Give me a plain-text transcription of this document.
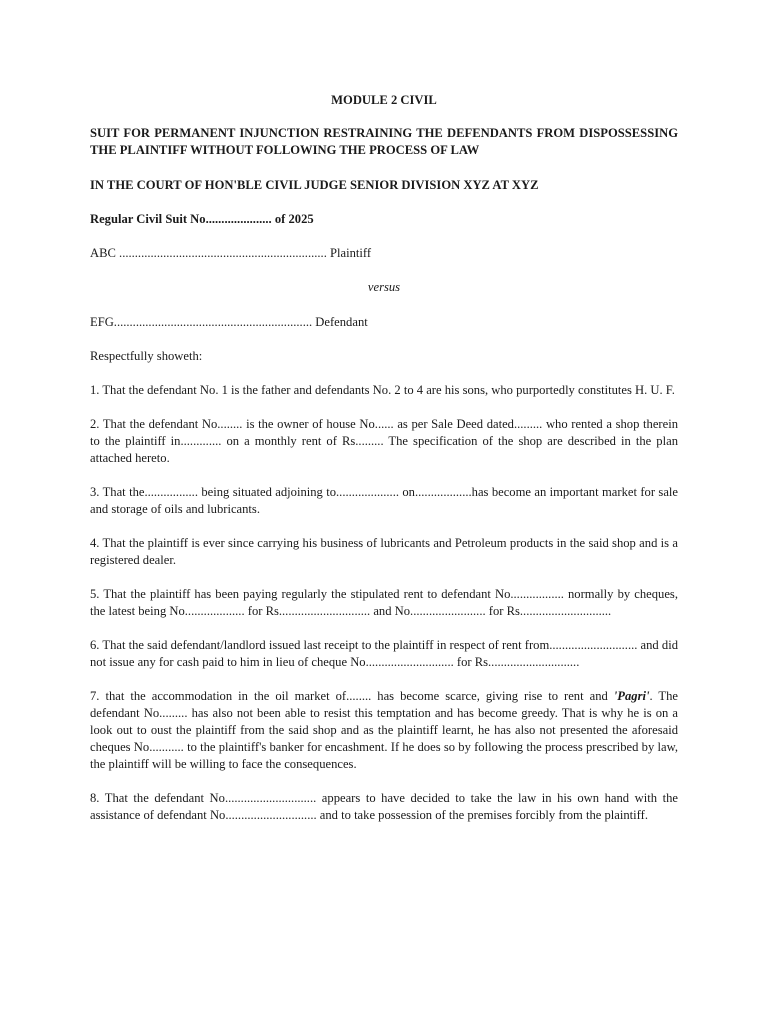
MODULE 2 CIVIL

SUIT FOR PERMANENT INJUNCTION RESTRAINING THE DEFENDANTS FROM DISPOSSESSING THE PLAINTIFF WITHOUT FOLLOWING THE PROCESS OF LAW

IN THE COURT OF HON'BLE CIVIL JUDGE SENIOR DIVISION XYZ AT XYZ

Regular Civil Suit No..................... of 2025

ABC .................................................................. Plaintiff

versus

EFG............................................................... Defendant

Respectfully showeth:

1. That the defendant No. 1 is the father and defendants No. 2 to 4 are his sons, who purportedly constitutes H. U. F.

2. That the defendant No........ is the owner of house No...... as per Sale Deed dated......... who rented a shop therein to the plaintiff in............. on a monthly rent of Rs......... The specification of the shop are described in the plan attached hereto.

3. That the................. being situated adjoining to.................... on..................has become an important market for sale and storage of oils and lubricants.

4. That the plaintiff is ever since carrying his business of lubricants and Petroleum products in the said shop and is a registered dealer.

5. That the plaintiff has been paying regularly the stipulated rent to defendant No................. normally by cheques, the latest being No................... for Rs............................. and No........................ for Rs.............................

6. That the said defendant/landlord issued last receipt to the plaintiff in respect of rent from............................ and did not issue any for cash paid to him in lieu of cheque No............................ for Rs.............................

7. that the accommodation in the oil market of........ has become scarce, giving rise to rent and 'Pagri'. The defendant No......... has also not been able to resist this temptation and has become greedy. That is why he is on a look out to oust the plaintiff from the said shop and as the plaintiff learnt, he has also not presented the aforesaid cheques No........... to the plaintiff's banker for encashment. If he does so by following the process prescribed by law, the plaintiff will be willing to face the consequences.

8. That the defendant No............................. appears to have decided to take the law in his own hand with the assistance of defendant No............................. and to take possession of the premises forcibly from the plaintiff.
